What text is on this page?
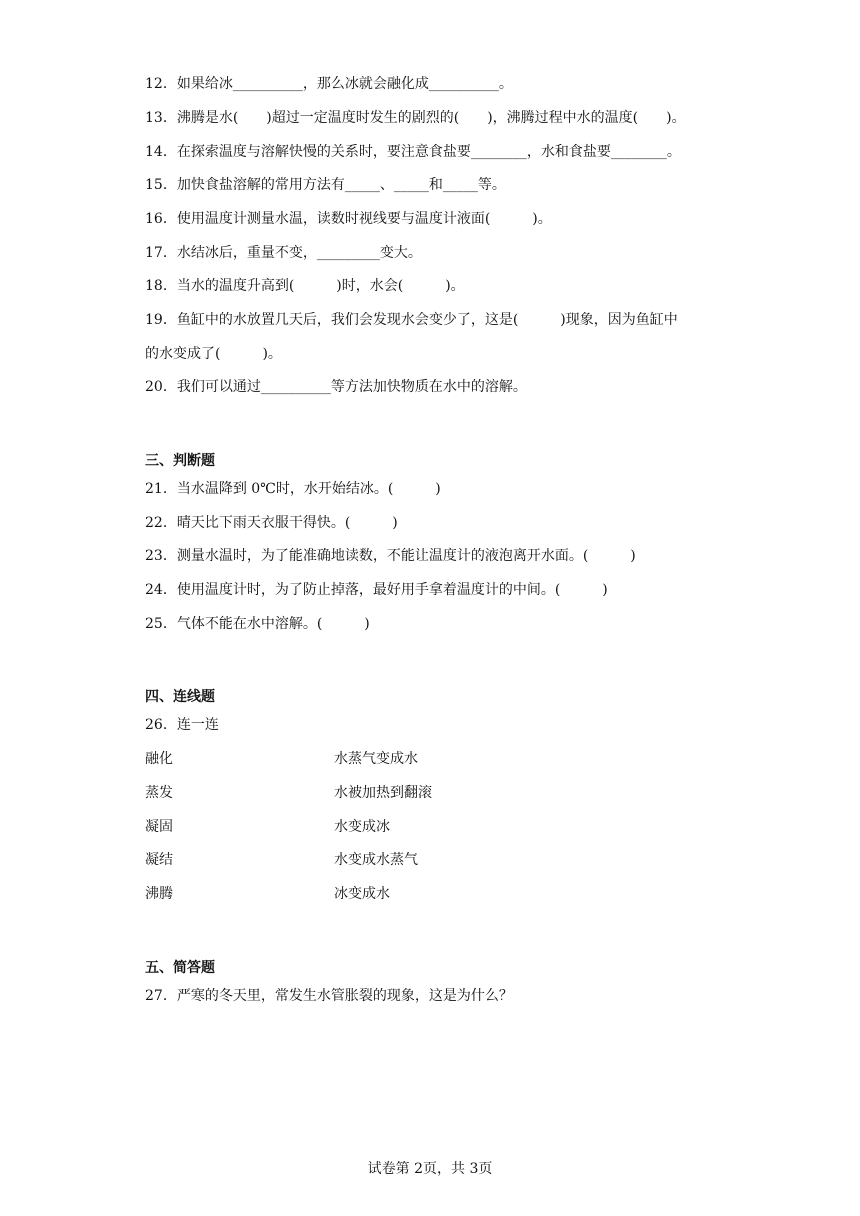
12．如果给冰__________，那么冰就会融化成__________。
13．沸腾是水(　　)超过一定温度时发生的剧烈的(　　)，沸腾过程中水的温度(　　)。
14．在探索温度与溶解快慢的关系时，要注意食盐要________，水和食盐要________。
15．加快食盐溶解的常用方法有_____、_____和_____等。
16．使用温度计测量水温，读数时视线要与温度计液面(　　　)。
17．水结冰后，重量不变，_________变大。
18．当水的温度升高到(　　　)时，水会(　　　)。
19．鱼缸中的水放置几天后，我们会发现水会变少了，这是(　　　)现象，因为鱼缸中
的水变成了(　　　)。
20．我们可以通过__________等方法加快物质在水中的溶解。
三、判断题
21．当水温降到 0℃时，水开始结冰。(　　　)
22．晴天比下雨天衣服干得快。(　　　)
23．测量水温时，为了能准确地读数，不能让温度计的液泡离开水面。(　　　)
24．使用温度计时，为了防止掉落，最好用手拿着温度计的中间。(　　　)
25．气体不能在水中溶解。(　　　)
四、连线题
26．连一连
融化	水蒸气变成水
蒸发	水被加热到翻滚
凝固	水变成冰
凝结	水变成水蒸气
沸腾	冰变成水
五、简答题
27．严寒的冬天里，常发生水管胀裂的现象，这是为什么？
试卷第 2页，共 3页
